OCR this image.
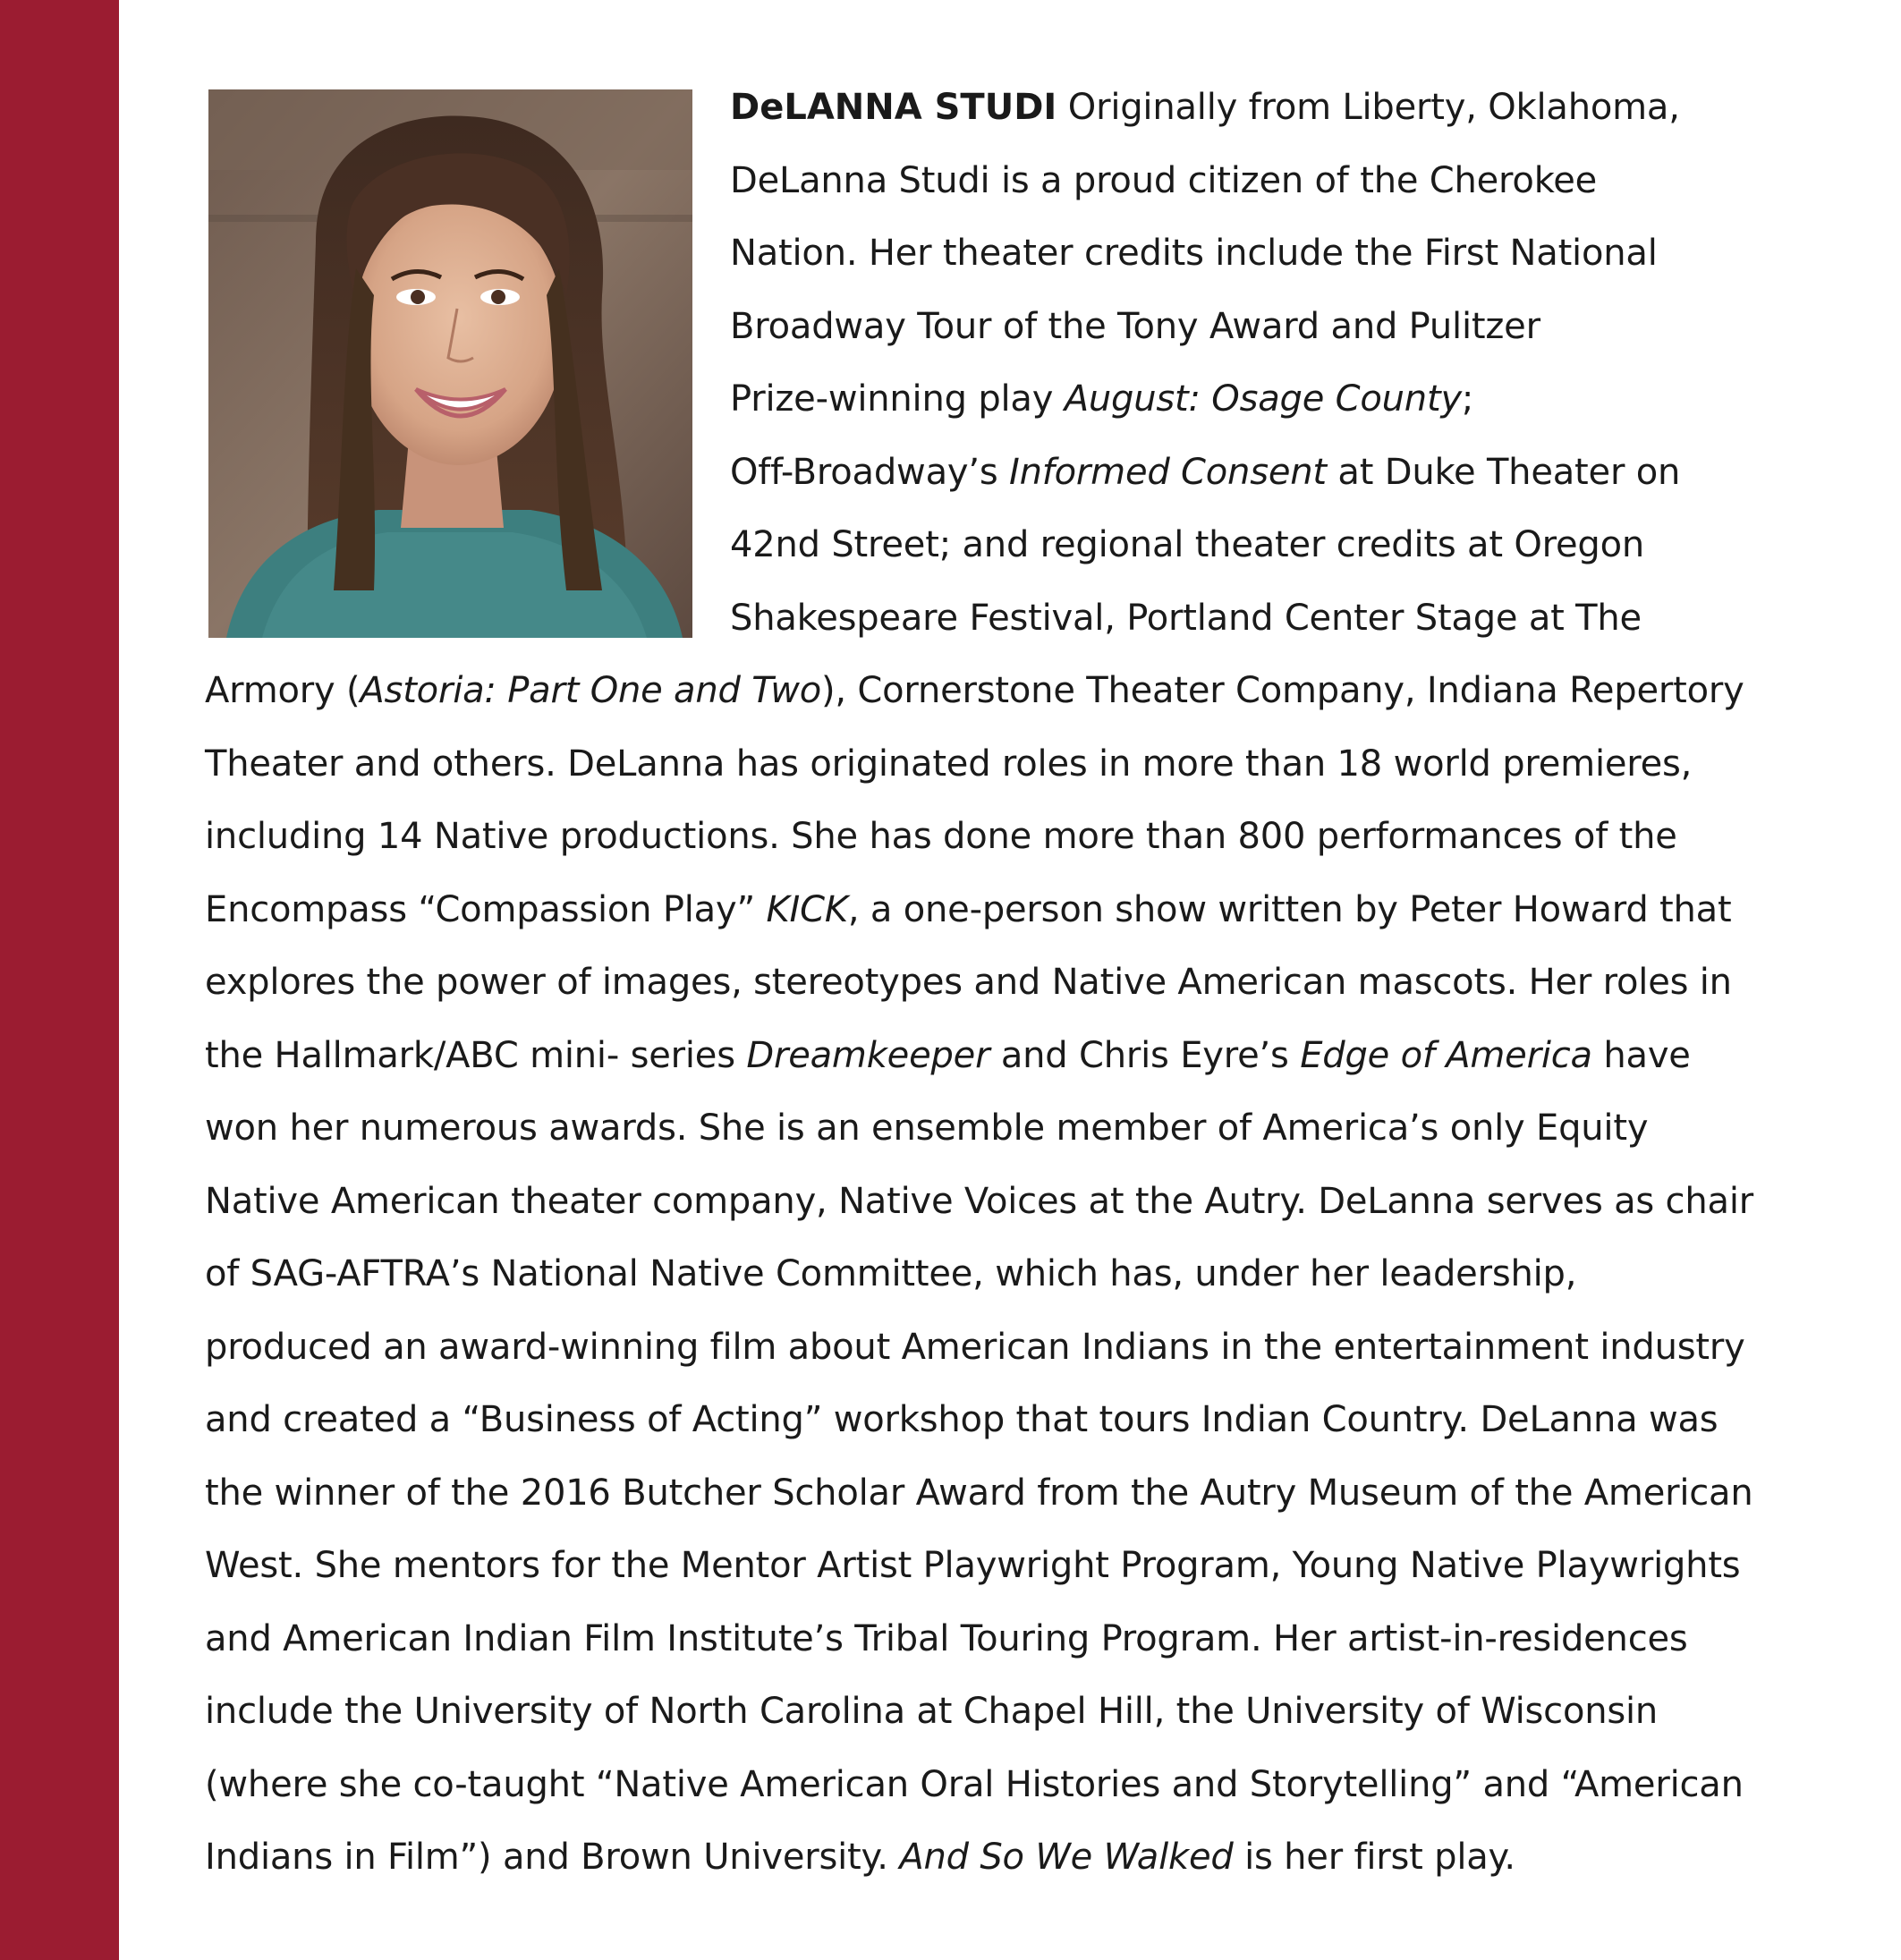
DeLANNA STUDI Originally from Liberty, Oklahoma,
DeLanna Studi is a proud citizen of the Cherokee
Nation. Her theater credits include the First National
Broadway Tour of the Tony Award and Pulitzer
Prize-winning play August: Osage County;
Off-Broadway’s Informed Consent at Duke Theater on
42nd Street; and regional theater credits at Oregon
Shakespeare Festival, Portland Center Stage at The
Armory (Astoria: Part One and Two), Cornerstone Theater Company, Indiana Repertory
Theater and others. DeLanna has originated roles in more than 18 world premieres,
including 14 Native productions. She has done more than 800 performances of the
Encompass “Compassion Play” KICK, a one-person show written by Peter Howard that
explores the power of images, stereotypes and Native American mascots. Her roles in
the Hallmark/ABC mini- series Dreamkeeper and Chris Eyre’s Edge of America have
won her numerous awards. She is an ensemble member of America’s only Equity
Native American theater company, Native Voices at the Autry. DeLanna serves as chair
of SAG-AFTRA’s National Native Committee, which has, under her leadership,
produced an award-winning film about American Indians in the entertainment industry
and created a “Business of Acting” workshop that tours Indian Country. DeLanna was
the winner of the 2016 Butcher Scholar Award from the Autry Museum of the American
West. She mentors for the Mentor Artist Playwright Program, Young Native Playwrights
and American Indian Film Institute’s Tribal Touring Program. Her artist-in-residences
include the University of North Carolina at Chapel Hill, the University of Wisconsin
(where she co-taught “Native American Oral Histories and Storytelling” and “American
Indians in Film”) and Brown University. And So We Walked is her first play.
